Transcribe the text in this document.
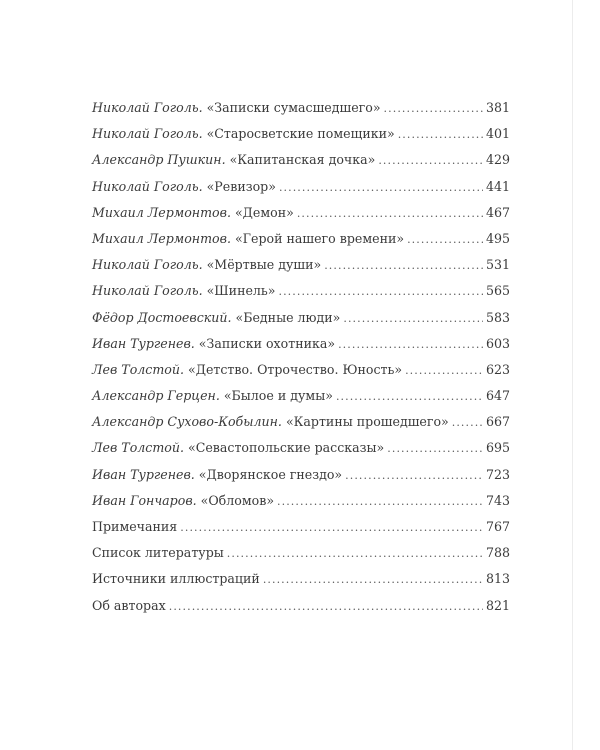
Николай Гоголь. «Записки сумасшедшего» . . .	381
Николай Гоголь. «Старосветские помещики» . . .	401
Александр Пушкин. «Капитанская дочка» . . .	429
Николай Гоголь. «Ревизор» . . .	441
Михаил Лермонтов. «Демон» . . .	467
Михаил Лермонтов. «Герой нашего времени» . . .	495
Николай Гоголь. «Мёртвые души» . . .	531
Николай Гоголь. «Шинель» . . .	565
Фёдор Достоевский. «Бедные люди» . . .	583
Иван Тургенев. «Записки охотника» . . .	603
Лев Толстой. «Детство. Отрочество. Юность» . . .	623
Александр Герцен. «Былое и думы» . . .	647
Александр Сухово-Кобылин. «Картины прошедшего» . . .	667
Лев Толстой. «Севастопольские рассказы» . . .	695
Иван Тургенев. «Дворянское гнездо» . . .	723
Иван Гончаров. «Обломов» . . .	743
Примечания . . .	767
Список литературы . . .	788
Источники иллюстраций . . .	813
Об авторах . . .	821
